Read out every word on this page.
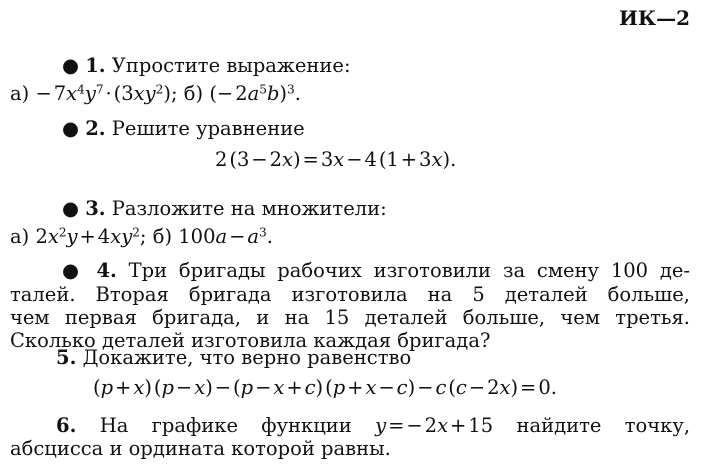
ИК—2
● 1. Упростите выражение:
а) − $7x^4y^7$ · $(3xy^2)$; б) (− $2a^5b)^3$.
● 2. Решите уравнение
2 (3 − 2x) = 3x − 4 (1 + 3x).
● 3. Разложите на множители:
а) $2x^2y$ + $4xy^2$; б) 100a − $a^3$.
● 4. Три бригады рабочих изготовили за смену 100 де-
талей. Вторая бригада изготовила на 5 деталей больше,
чем первая бригада, и на 15 деталей больше, чем третья.
Сколько деталей изготовила каждая бригада?
5. Докажите, что верно равенство
(p + x) (p − x) − (p − x + c) (p + x − c) − c (c − 2x) = 0.
6. На графике функции y = − 2x + 15 найдите точку,
абсцисса и ордината которой равны.
